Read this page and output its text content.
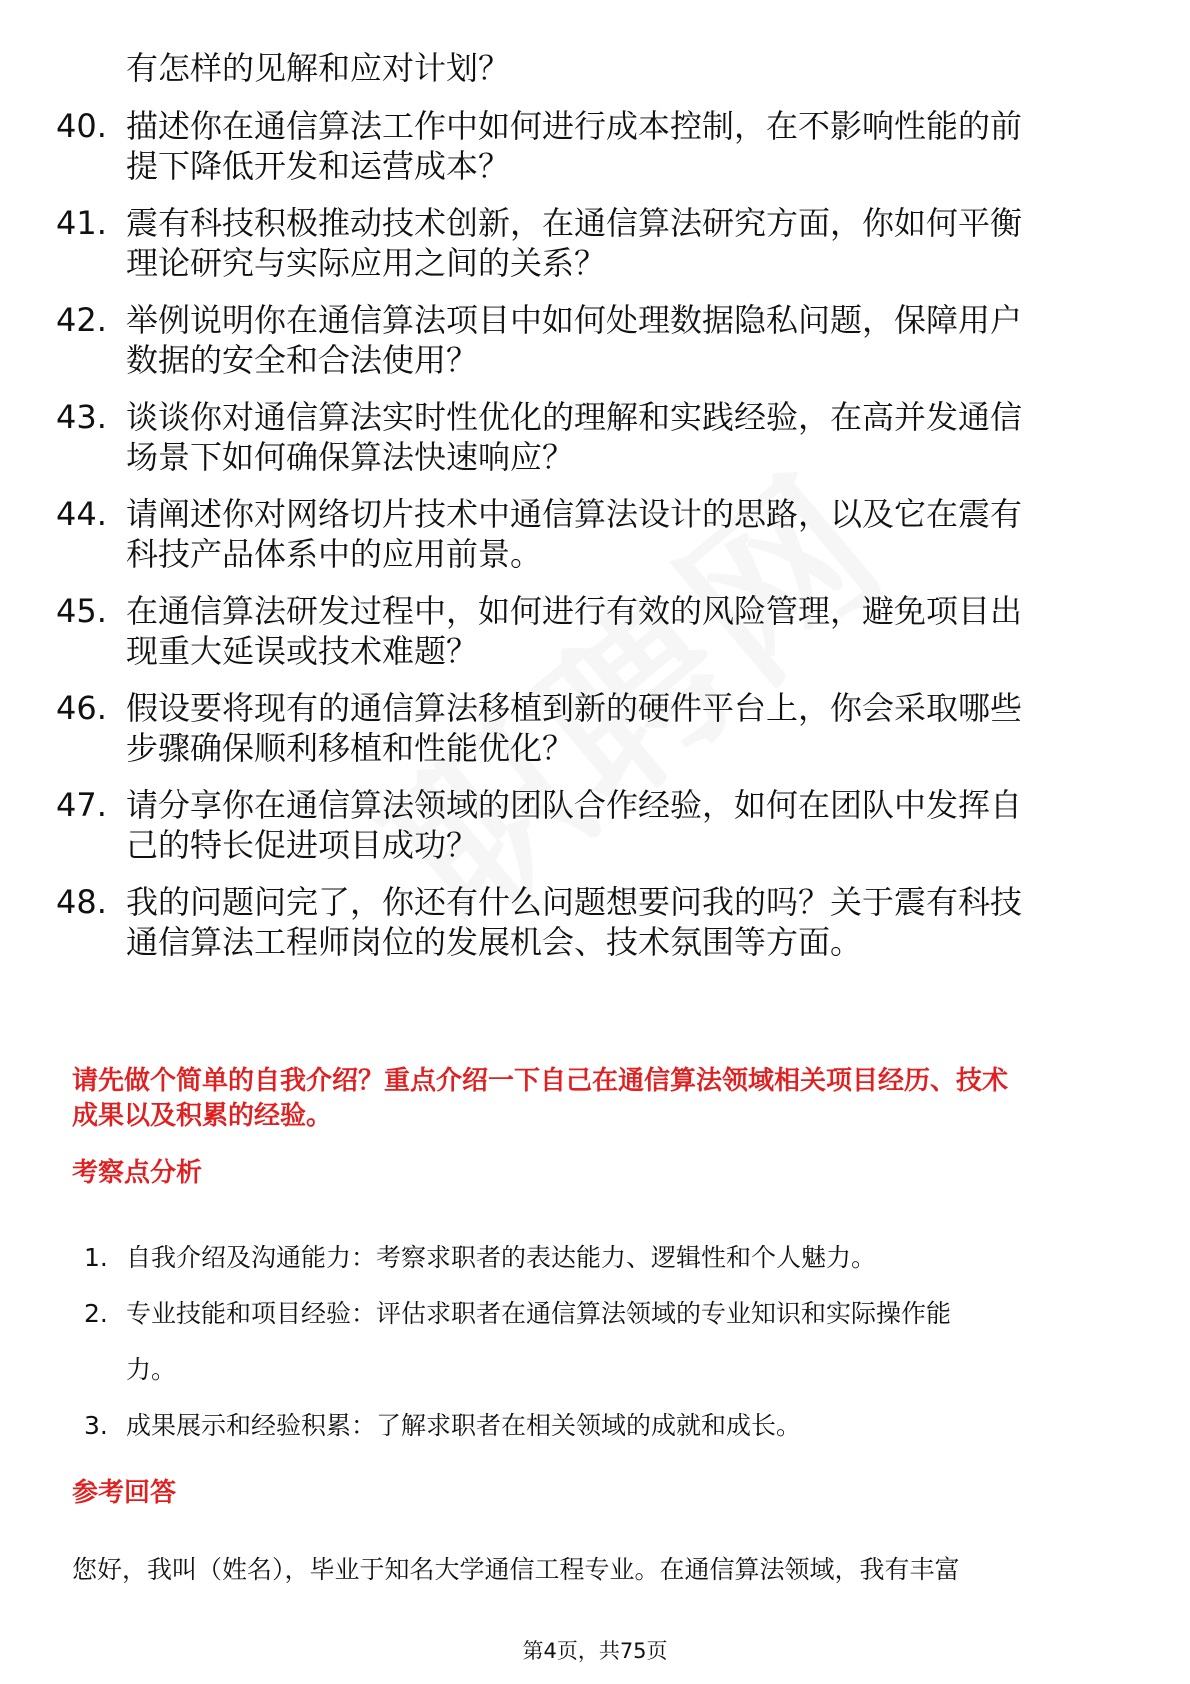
有怎样的见解和应对计划？
40. 描述你在通信算法工作中如何进行成本控制，在不影响性能的前
提下降低开发和运营成本？
41. 震有科技积极推动技术创新，在通信算法研究方面，你如何平衡
理论研究与实际应用之间的关系？
42. 举例说明你在通信算法项目中如何处理数据隐私问题，保障用户
数据的安全和合法使用？
43. 谈谈你对通信算法实时性优化的理解和实践经验，在高并发通信
场景下如何确保算法快速响应？
44. 请阐述你对网络切片技术中通信算法设计的思路，以及它在震有
科技产品体系中的应用前景。
45. 在通信算法研发过程中，如何进行有效的风险管理，避免项目出
现重大延误或技术难题？
46. 假设要将现有的通信算法移植到新的硬件平台上，你会采取哪些
步骤确保顺利移植和性能优化？
47. 请分享你在通信算法领域的团队合作经验，如何在团队中发挥自
己的特长促进项目成功？
48. 我的问题问完了，你还有什么问题想要问我的吗？关于震有科技
通信算法工程师岗位的发展机会、技术氛围等方面。
请先做个简单的自我介绍？重点介绍一下自己在通信算法领域相关项目经历、技术
成果以及积累的经验。
考察点分析
1. 自我介绍及沟通能力：考察求职者的表达能力、逻辑性和个人魅力。
2. 专业技能和项目经验：评估求职者在通信算法领域的专业知识和实际操作能
力。
3. 成果展示和经验积累：了解求职者在相关领域的成就和成长。
参考回答
您好，我叫（姓名），毕业于知名大学通信工程专业。在通信算法领域，我有丰富
第4页，共75页
